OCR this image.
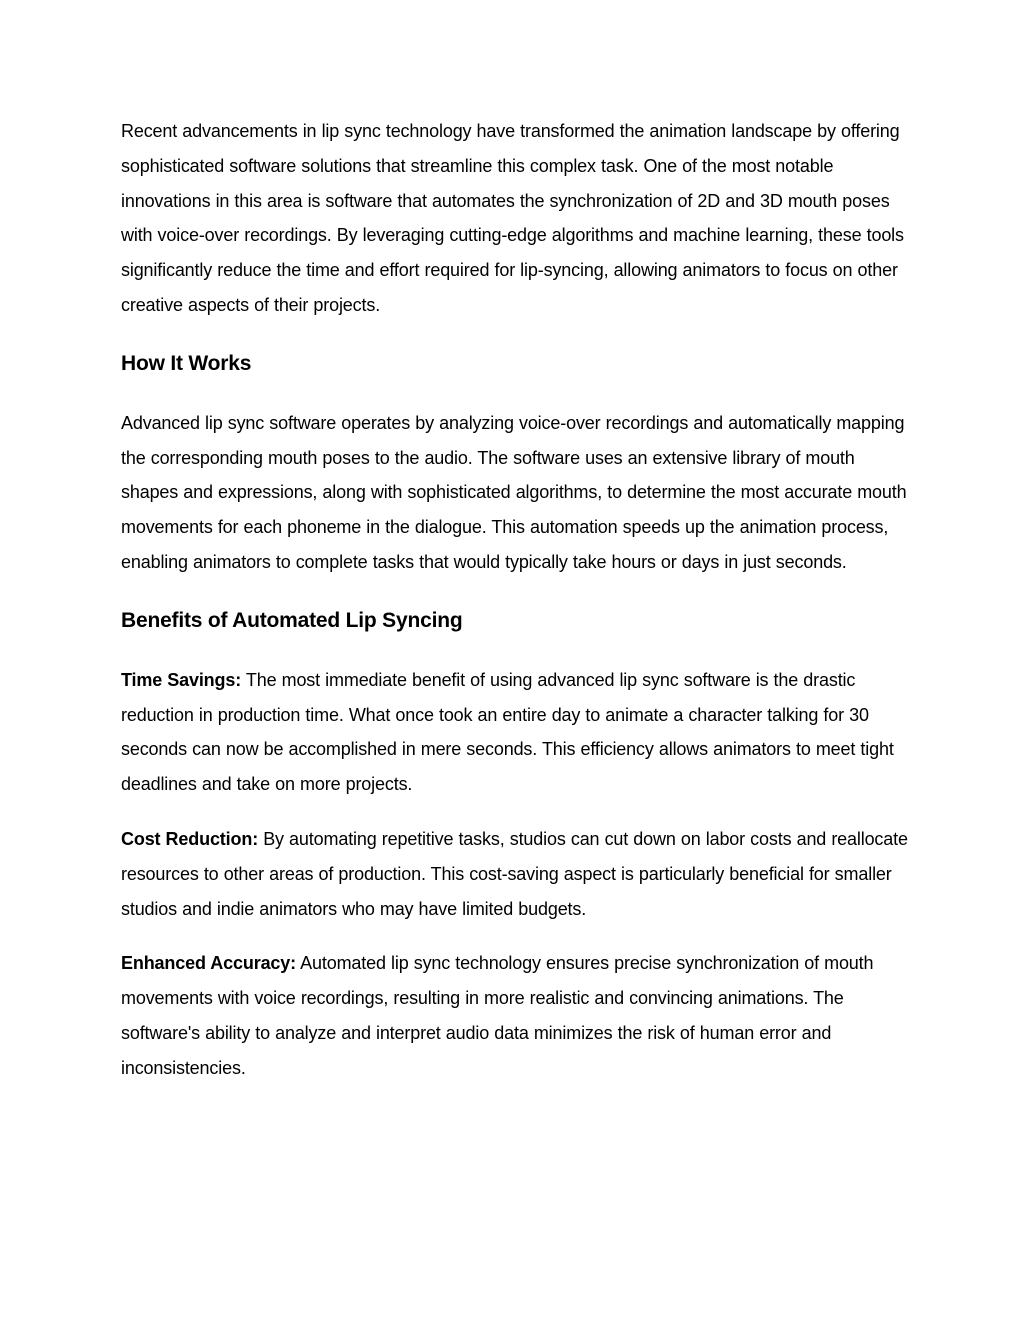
Recent advancements in lip sync technology have transformed the animation landscape by offering sophisticated software solutions that streamline this complex task. One of the most notable innovations in this area is software that automates the synchronization of 2D and 3D mouth poses with voice-over recordings. By leveraging cutting-edge algorithms and machine learning, these tools significantly reduce the time and effort required for lip-syncing, allowing animators to focus on other creative aspects of their projects.

How It Works

Advanced lip sync software operates by analyzing voice-over recordings and automatically mapping the corresponding mouth poses to the audio. The software uses an extensive library of mouth shapes and expressions, along with sophisticated algorithms, to determine the most accurate mouth movements for each phoneme in the dialogue. This automation speeds up the animation process, enabling animators to complete tasks that would typically take hours or days in just seconds.

Benefits of Automated Lip Syncing

Time Savings: The most immediate benefit of using advanced lip sync software is the drastic reduction in production time. What once took an entire day to animate a character talking for 30 seconds can now be accomplished in mere seconds. This efficiency allows animators to meet tight deadlines and take on more projects.

Cost Reduction: By automating repetitive tasks, studios can cut down on labor costs and reallocate resources to other areas of production. This cost-saving aspect is particularly beneficial for smaller studios and indie animators who may have limited budgets.

Enhanced Accuracy: Automated lip sync technology ensures precise synchronization of mouth movements with voice recordings, resulting in more realistic and convincing animations. The software's ability to analyze and interpret audio data minimizes the risk of human error and inconsistencies.
